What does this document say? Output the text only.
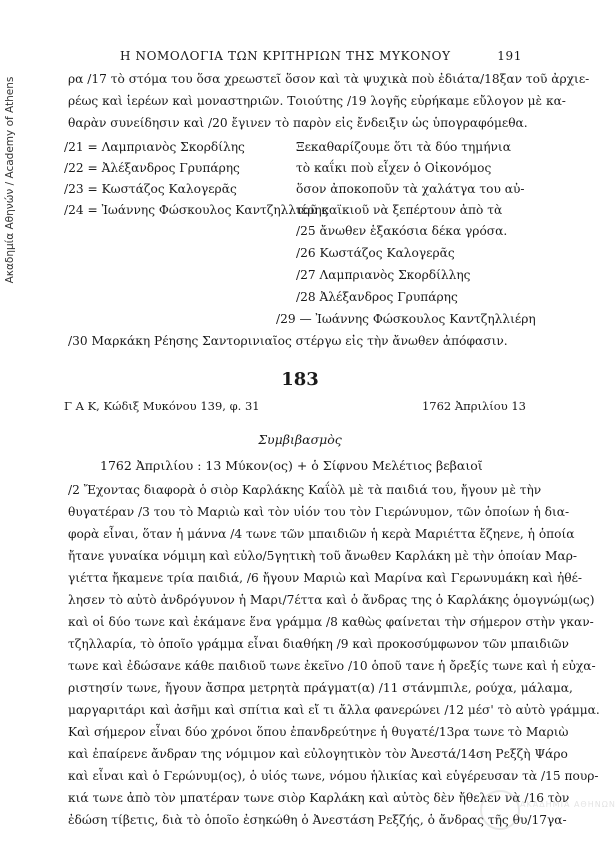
Ακαδημία Αθηνών / Academy of Athens
Η ΝΟΜΟΛΟΓΙΑ ΤΩΝ ΚΡΙΤΗΡΙΩΝ ΤΗΣ ΜΥΚΟΝΟΥ	191
ρα /17 τὸ στόμα του ὅσα χρεωστεῖ ὅσον καὶ τὰ ψυχικὰ ποὺ ἐδιάτα/18ξαν τοῦ ἀρχιε-
ρέως καὶ ἱερέων καὶ μοναστηριῶν. Τοιούτης /19 λογῆς εὑρήκαμε εὔλογον μὲ κα-
θαρὰν συνείδησιν καὶ /20 ἔγινεν τὸ παρὸν εἰς ἔνδειξιν ὡς ὑπογραφόμεθα.
/21 = Λαμπριανὸς Σκορδίλης
/22 = Ἀλέξανδρος Γρυπάρης
/23 = Κωστάζος Καλογερᾶς
/24 = Ἰωάννης Φώσκουλος Καντζηλλιέρης
Ξεκαθαρίζουμε ὅτι τὰ δύο τημήνια
τὸ καΐκι ποὺ εἶχεν ὁ Οἰκονόμος
ὅσον ἀποκοποῦν τὰ χαλάτγα του αὐ-
τοῦ καϊκιοῦ νὰ ξεπέρτουν ἀπὸ τὰ
/25 ἄνωθεν ἑξακόσια δέκα γρόσα.
/26 Κωστάζος Καλογερᾶς
/27 Λαμπριανὸς Σκορδίλλης
/28 Ἀλέξανδρος Γρυπάρης
/29 — Ἰωάννης Φώσκουλος Καντζηλλιέρη
/30 Μαρκάκη Ρέησης Σαντορινιαῖος στέργω εἰς τὴν ἄνωθεν ἀπόφασιν.
183
Γ Α Κ, Κώδιξ Μυκόνου 139, φ. 31	1762 Ἀπριλίου 13
Συμβιβασμὸς
1762 Ἀπριλίου : 13 Μύκον(ος) + ὁ Σίφνου Μελέτιος βεβαιοῖ
/2 Ἔχοντας διαφορὰ ὁ σιὸρ Καρλάκης Καΐὸλ μὲ τὰ παιδιά του, ἤγουν μὲ τὴν
θυγατέραν /3 του τὸ Μαριὼ καὶ τὸν υἱόν του τὸν Γιερώνυμον, τῶν ὁποίων ἡ δια-
φορὰ εἶναι, ὅταν ἡ μάννα /4 τωνε τῶν μπαιδιῶν ἡ κερὰ Μαριέττα ἔζηενε, ἡ ὁποία
ἤτανε γυναίκα νόμιμη καὶ εὐλο/5γητικὴ τοῦ ἄνωθεν Καρλάκη μὲ τὴν ὁποίαν Μαρ-
γιέττα ἤκαμενε τρία παιδιά, /6 ἤγουν Μαριὼ καὶ Μαρίνα καὶ Γερωνυμάκη καὶ ἠθέ-
λησεν τὸ αὐτὸ ἀνδρόγυνον ἡ Μαρι/7έττα καὶ ὁ ἄνδρας της ὁ Καρλάκης ὁμογνώμ(ως)
καὶ οἱ δύο τωνε καὶ ἐκάμανε ἕνα γράμμα /8 καθὼς φαίνεται τὴν σήμερον στὴν γκαν-
τζηλλαρία, τὸ ὁποῖο γράμμα εἶναι διαθήκη /9 καὶ προκοσύμφωνον τῶν μπαιδιῶν
τωνε καὶ ἐδώσανε κάθε παιδιοῦ τωνε ἐκεῖνο /10 ὁποῦ τανε ἡ ὄρεξίς τωνε καὶ ἡ εὐχα-
ριστησίν τωνε, ἤγουν ἄσπρα μετρητὰ πράγματ(α) /11 στάνμπιλε, ρούχα, μάλαμα,
μαργαριτάρι καὶ ἀσῆμι καὶ σπίτια καὶ εἴ τι ἄλλα φανερώνει /12 μέσ' τὸ αὐτὸ γράμμα.
Καὶ σήμερον εἶναι δύο χρόνοι ὅπου ἐπανδρεύτηνε ἡ θυγατέ/13ρα τωνε τὸ Μαριὼ
καὶ ἐπαίρενε ἄνδραν της νόμιμον καὶ εὐλογητικὸν τὸν Ἀνεστά/14ση Ρεξζὴ Ψάρο
καὶ εἶναι καὶ ὁ Γερώνυμ(ος), ὁ υἱός τωνε, νόμου ἡλικίας καὶ εὑγέρευσαν τὰ /15 πουρ-
κιά τωνε ἀπὸ τὸν μπατέραν τωνε σιὸρ Καρλάκη καὶ αὐτὸς δὲν ἤθελεν νὰ /16 τὸν
ἐδώση τίβετις, διὰ τὸ ὁποῖο ἐσηκώθη ὁ Ἀνεστάση Ρεξζής, ὁ ἄνδρας τῆς θυ/17γα-
ΑΚΑΔΗΜΙΑ ΑΘΗΝΩΝ
